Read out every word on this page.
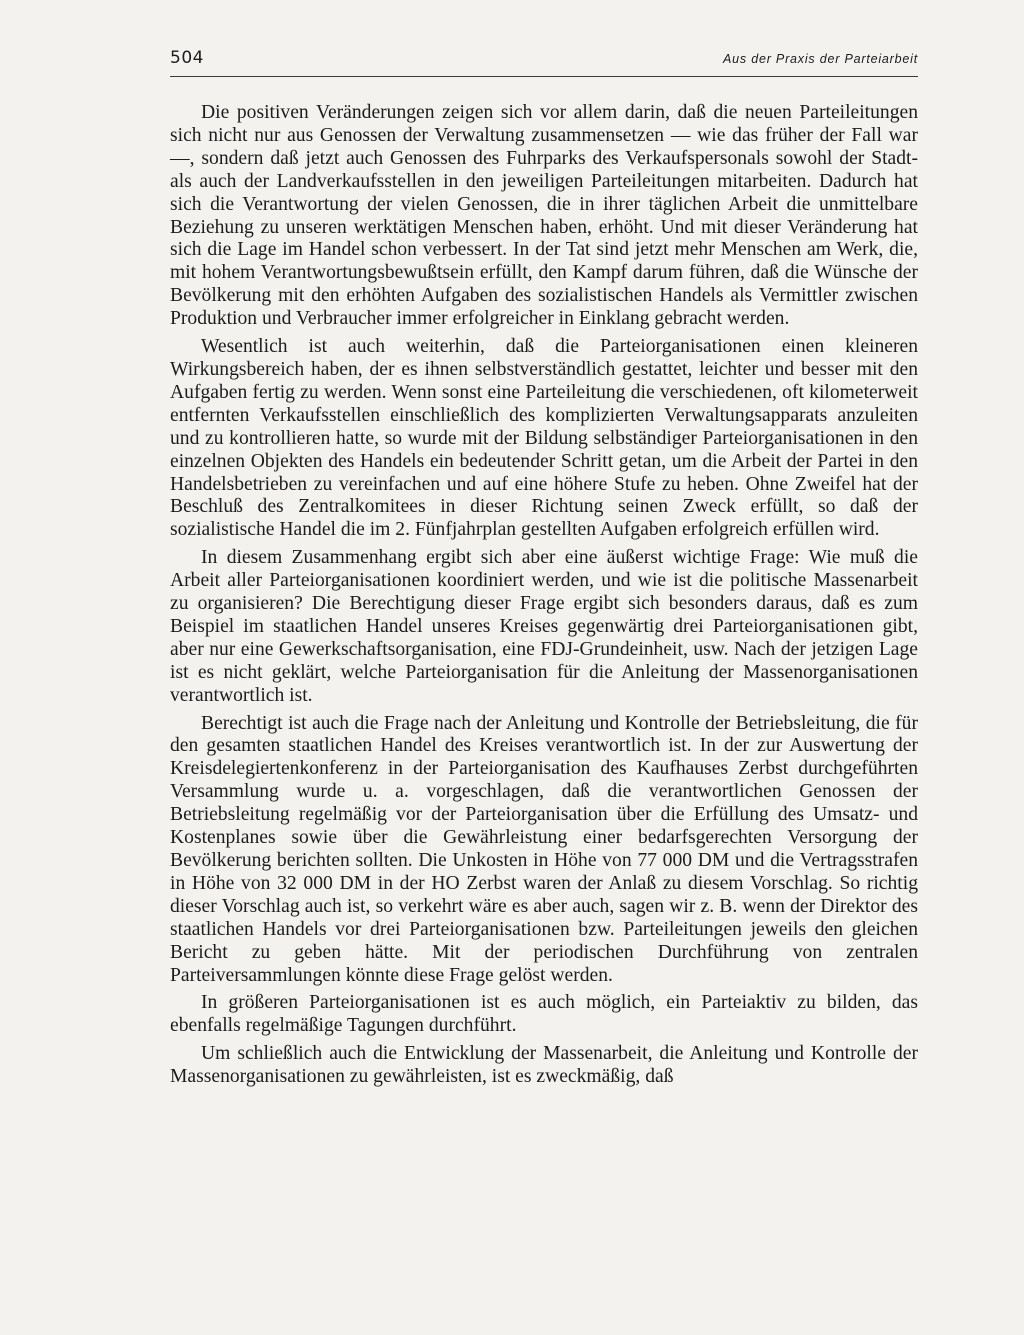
504	Aus der Praxis der Parteiarbeit

Die positiven Veränderungen zeigen sich vor allem darin, daß die neuen Parteileitungen sich nicht nur aus Genossen der Verwaltung zusammensetzen — wie das früher der Fall war —, sondern daß jetzt auch Genossen des Fuhrparks des Verkaufspersonals sowohl der Stadt- als auch der Landverkaufsstellen in den jeweiligen Parteileitungen mitarbeiten. Dadurch hat sich die Verantwortung der vielen Genossen, die in ihrer täglichen Arbeit die unmittelbare Beziehung zu unseren werktätigen Menschen haben, erhöht. Und mit dieser Veränderung hat sich die Lage im Handel schon verbessert. In der Tat sind jetzt mehr Menschen am Werk, die, mit hohem Verantwortungsbewußtsein erfüllt, den Kampf darum führen, daß die Wünsche der Bevölkerung mit den erhöhten Aufgaben des sozialistischen Handels als Vermittler zwischen Produktion und Verbraucher immer erfolgreicher in Einklang gebracht werden.

Wesentlich ist auch weiterhin, daß die Parteiorganisationen einen kleineren Wirkungsbereich haben, der es ihnen selbstverständlich gestattet, leichter und besser mit den Aufgaben fertig zu werden. Wenn sonst eine Parteileitung die verschiedenen, oft kilometerweit entfernten Verkaufsstellen einschließlich des komplizierten Verwaltungsapparats anzuleiten und zu kontrollieren hatte, so wurde mit der Bildung selbständiger Parteiorganisationen in den einzelnen Objekten des Handels ein bedeutender Schritt getan, um die Arbeit der Partei in den Handelsbetrieben zu vereinfachen und auf eine höhere Stufe zu heben. Ohne Zweifel hat der Beschluß des Zentralkomitees in dieser Richtung seinen Zweck erfüllt, so daß der sozialistische Handel die im 2. Fünfjahrplan gestellten Aufgaben erfolgreich erfüllen wird.

In diesem Zusammenhang ergibt sich aber eine äußerst wichtige Frage: Wie muß die Arbeit aller Parteiorganisationen koordiniert werden, und wie ist die politische Massenarbeit zu organisieren? Die Berechtigung dieser Frage ergibt sich besonders daraus, daß es zum Beispiel im staatlichen Handel unseres Kreises gegenwärtig drei Parteiorganisationen gibt, aber nur eine Gewerkschaftsorganisation, eine FDJ-Grundeinheit, usw. Nach der jetzigen Lage ist es nicht geklärt, welche Parteiorganisation für die Anleitung der Massenorganisationen verantwortlich ist.

Berechtigt ist auch die Frage nach der Anleitung und Kontrolle der Betriebsleitung, die für den gesamten staatlichen Handel des Kreises verantwortlich ist. In der zur Auswertung der Kreisdelegiertenkonferenz in der Parteiorganisation des Kaufhauses Zerbst durchgeführten Versammlung wurde u. a. vorgeschlagen, daß die verantwortlichen Genossen der Betriebsleitung regelmäßig vor der Parteiorganisation über die Erfüllung des Umsatz- und Kostenplanes sowie über die Gewährleistung einer bedarfsgerechten Versorgung der Bevölkerung berichten sollten. Die Unkosten in Höhe von 77 000 DM und die Vertragsstrafen in Höhe von 32 000 DM in der HO Zerbst waren der Anlaß zu diesem Vorschlag. So richtig dieser Vorschlag auch ist, so verkehrt wäre es aber auch, sagen wir z. B. wenn der Direktor des staatlichen Handels vor drei Parteiorganisationen bzw. Parteileitungen jeweils den gleichen Bericht zu geben hätte. Mit der periodischen Durchführung von zentralen Parteiversammlungen könnte diese Frage gelöst werden.

In größeren Parteiorganisationen ist es auch möglich, ein Parteiaktiv zu bilden, das ebenfalls regelmäßige Tagungen durchführt.

Um schließlich auch die Entwicklung der Massenarbeit, die Anleitung und Kontrolle der Massenorganisationen zu gewährleisten, ist es zweckmäßig, daß
